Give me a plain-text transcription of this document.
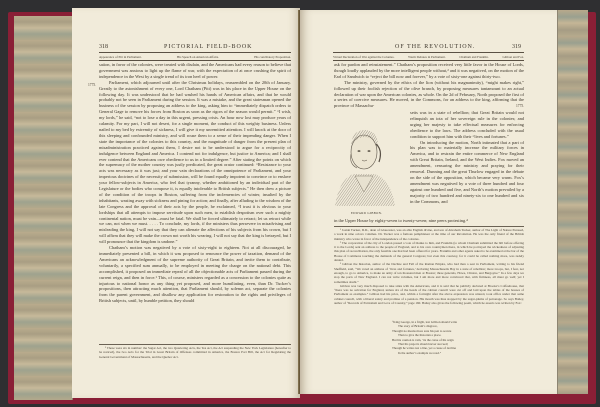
318	PICTORIAL FIELD-BOOK
Appearance of Pitt in Parliament.	His Speech on American Affairs.	His conciliatory Proposition.
1775.

sation, in favor of the colonies, were treated with disdain, and the Americans had every reason to believe that government was anxious to light up the flame of war, with the expectation of at once crushing the spirit of independence in the West by a single trend of its iron heel of power.

Parliament, which adjourned until after the Christmas holidays, reassembled on the 20th of January. Greatly to the astonishment of every one, Lord Chatham (Pitt) was in his place in the Upper House on the following day. It was understood that he had washed his hands of American affairs, and that he would probably not be seen in Parliament during the session. It was a mistake, and the great statesman opened the business of the session by proposing an address to the king, asking him to “immediately dispatch orders to General Gage to remove his forces from Boston as soon as the rigors of the season would permit.” “I wish, my lords,” he said, “not to lose a day in this urgent, pressing crisis. An hour now lost may produce years of calamity. For my part, I will not desert, for a single moment, the conduct of this weighty business. Unless nailed to my bed by extremity of sickness, I will give it my unremitted attention. I will knock at the door of this sleeping and confounded ministry, and will rouse them to a sense of their impending danger. When I state the importance of the colonies to this country, and the magnitude of danger from the present plan of misadministration practiced against them, I desire not to be understood to argue for a reciprocity of indulgence between England and America. I contend not for indulgence, but justice to America; and I shall ever contend that the Americans owe obedience to us in a limited degree.” After stating the points on which the supremacy of the mother country was justly predicated, the great orator continued: “Resistance to your acts was necessary as it was just; and your vain declarations of the omnipotence of Parliament, and your imperious doctrines of the necessity of submission, will be found equally impotent to convince or to enslave your fellow-subjects in America, who feel that tyranny, whether ambitioned by an individual part of the Legislature or the bodies who compose it, is equally intolerable to British subjects.” He then drew a picture of the condition of the troops in Boston, suffering from the inclemencies of winter, insulted by the inhabitants, wasting away with sickness and pining for action; and finally, after alluding to the wisdom of the late Congress and the approval of their acts by the people, he exclaimed, “I trust it is obvious to your lordships that all attempts to impose servitude upon such men, to establish despotism over such a mighty continental nation, must be vain—must be fatal. We shall be forced ultimately to retract; let us retract while we can, not when we must. . . . . To conclude, my lords, if the ministers thus persevere in misadvising and misleading the king, I will not say that they can alienate the affections of his subjects from his crown, but I will affirm that they will make the crown not worth his wearing. I will not say that the king is betrayed, but I will pronounce that the kingdom is undone.”

Chatham’s motion was negatived by a vote of sixty-eight to eighteen. Not at all discouraged, he immediately presented a bill, in which it was proposed to renounce the power of taxation, demand of the Americans an acknowledgment of the supreme authority of Great Britain, and invite them to contribute, voluntarily, a specified sum annually, to be employed in meeting the charge on the national debt. This accomplished, it proposed an immediate repeal of all the objectionable acts of Parliament passed during the current reign, and then in force.¹ This, of course, ministers regarded as a concession to the colonies quite as injurious to national honor as any thing yet proposed, and more humiliating, even, than Dr. Tucker’s propositions, then attracting much attention, that Parliament should, by solemn act, separate the colonies from the parent government, and disallow any application for restoration to the rights and privileges of British subjects, until, by humble petition, they should

¹ These were six in number: the Sugar Act, the two Quartering Acts, the Tea Act, the Act suspending the New York Legislature (hereafter to be noticed), the two Acts for the Trial in Great Britain of Offenses committed in America, the Boston Port Bill, the Act for Regulating the General Government of Massachusetts, and the Quebec Act.

OF THE REVOLUTION.	319
Virtual Declaration of War against the Colonies.	Warm Debates in Parliament.	Chatham and Franklin.	Gibbon and Fox.

ask for pardon and reinstatement.” Chatham’s proposition received very little favor in the House of Lords, though loudly applauded by the more intelligent people without,² and it was negatived, on the motion of the Earl of Sandwich to “reject the bill now and forever,” by a vote of sixty-one against thirty-two.

The ministry, governed by the ethics of the lion (without his magnanimity), “might makes right,” followed up their foolish rejection of the olive branch, by proposing measures tantamount to an actual declaration of war upon the American colonies, as whole. On the 2d of February, North proposed the first of a series of coercive measures. He moved, in the Commons, for an address to the king, affirming that the province of Massachu-	1775.
EDWARD GIBBON.

setts was in a state of rebellion; that Great Britain would not relinquish an iota of her sovereign rule in the colonies; and urging her majesty to take effectual measures for enforcing obedience to the laws. The address concluded with the usual condition to support him with their “lives and fortunes.”

On introducing the motion, North intimated that a part of his plan was to materially increase the military forces in America, and to restrain the entire commerce of New England with Great Britain, Ireland, and the West Indies. Fox moved an amendment, censuring the ministry and praying for their removal. Dunning and the great Thurlow engaged in the debate on the side of the opposition, which became very warm. Fox’s amendment was negatived by a vote of three hundred and four against one hundred and five, and North’s motion prevailed by a majority of two hundred and ninety-six to one hundred and six in the Commons, and

in the Upper House by eighty-seven to twenty-seven; nine peers protesting.⁴

¹ Josiah Tucker, D.D., dean of Gloucester, was an able English divine, and son of Abraham Tucker, author of The Light of Nature Pursued, a work in nine octavo volumes. Dr. Tucker was a famous pamphleteer at the time of our Revolution. He was the only friend of the British ministry who wrote in favor of the independence of the colonies.

² The corporation of the city of London passed a vote of thanks to him, and Franklin (to whom Chatham submitted the bill before offering it to the Lords) sent an address to the people of England, and to his own countrymen there, in which he portrayed the wickedness of adjusting this plan of reconciliation, the only feasible one that had been offered for years. Franklin and other agents asked to be examined at the bar of the House of Commons touching the demands of the general Congress; but even this courtesy, for it could be called nothing more, was rudely denied.

³ Gibbon the historian, author of the Decline and Fall of the Roman Empire, who had then a seat in Parliament, writing to his friend Sheffield, said, “We voted an address of ‘lives and fortunes,’ declaring Massachusetts Bay in a state of rebellion; more troops, but, I fear, not enough, to go to America, to make an army of ten thousand men at Boston; three generals, Howe, Clinton, and Burgoyne.” In a few days we stop the ports of New England. I can not write volumes, but I am more and more convinced that, with firmness, all must go well; yet I sometimes doubt.”

Gibbon was very much disposed to take sides with the Americans, and it is said that he publicly declared at Brooks’s Coffeehouse, that “there was no salvation for England, unless six of the heads of the cabinet council were cut off and laid upon the tables of the houses of Parliament as examples.” Gibbon had his price, and, within a fortnight after the above expression was uttered, took office under that same cabinet council, with a liberal salary and promise of a pension. His mouth was thus stopped by the sugar-plums of patronage. So says Bailey, author of “Records of Patriotism and Love of Country,” page 160. Bailey also gives the following poem, which he asserts was written by Fox:

“King George, in a fright, lest Gibbon should write
The story of Britain’s disgrace,
Thought no means more sure his pen to secure
Than to give the historian a place.
But his caution is vain, ’tis the curse of his reign
That his projects should never succeed;
Though he writes not a line, yet a cause of decline
In the author’s example we read.”
